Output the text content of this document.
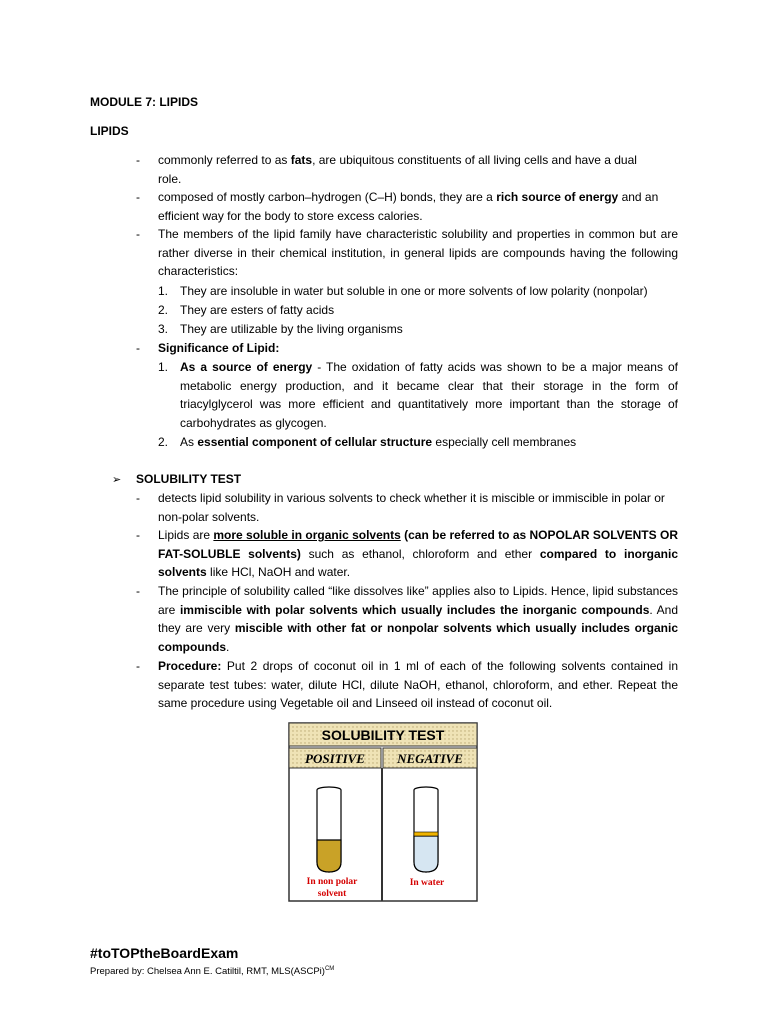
MODULE 7: LIPIDS
LIPIDS
- commonly referred to as fats, are ubiquitous constituents of all living cells and have a dual
role.
- composed of mostly carbon–hydrogen (C–H) bonds, they are a rich source of energy and an
efficient way for the body to store excess calories.
- The members of the lipid family have characteristic solubility and properties in common but are rather diverse in their chemical institution, in general lipids are compounds having the following characteristics:
1. They are insoluble in water but soluble in one or more solvents of low polarity (nonpolar)
2. They are esters of fatty acids
3. They are utilizable by the living organisms
- Significance of Lipid:
1. As a source of energy - The oxidation of fatty acids was shown to be a major means of metabolic energy production, and it became clear that their storage in the form of triacylglycerol was more efficient and quantitatively more important than the storage of carbohydrates as glycogen.
2. As essential component of cellular structure especially cell membranes
➢ SOLUBILITY TEST
- detects lipid solubility in various solvents to check whether it is miscible or immiscible in polar or non-polar solvents.
- Lipids are more soluble in organic solvents (can be referred to as NOPOLAR SOLVENTS OR FAT-SOLUBLE solvents) such as ethanol, chloroform and ether compared to inorganic solvents like HCl, NaOH and water.
- The principle of solubility called “like dissolves like” applies also to Lipids. Hence, lipid substances are immiscible with polar solvents which usually includes the inorganic compounds. And they are very miscible with other fat or nonpolar solvents which usually includes organic compounds.
- Procedure: Put 2 drops of coconut oil in 1 ml of each of the following solvents contained in separate test tubes: water, dilute HCl, dilute NaOH, ethanol, chloroform, and ether. Repeat the same procedure using Vegetable oil and Linseed oil instead of coconut oil.
SOLUBILITY TEST
POSITIVE NEGATIVE
In non polar
solvent
In water
#toTOPtheBoardExam
Prepared by: Chelsea Ann E. Catiltil, RMT, MLS(ASCPi)$^{CM}$
